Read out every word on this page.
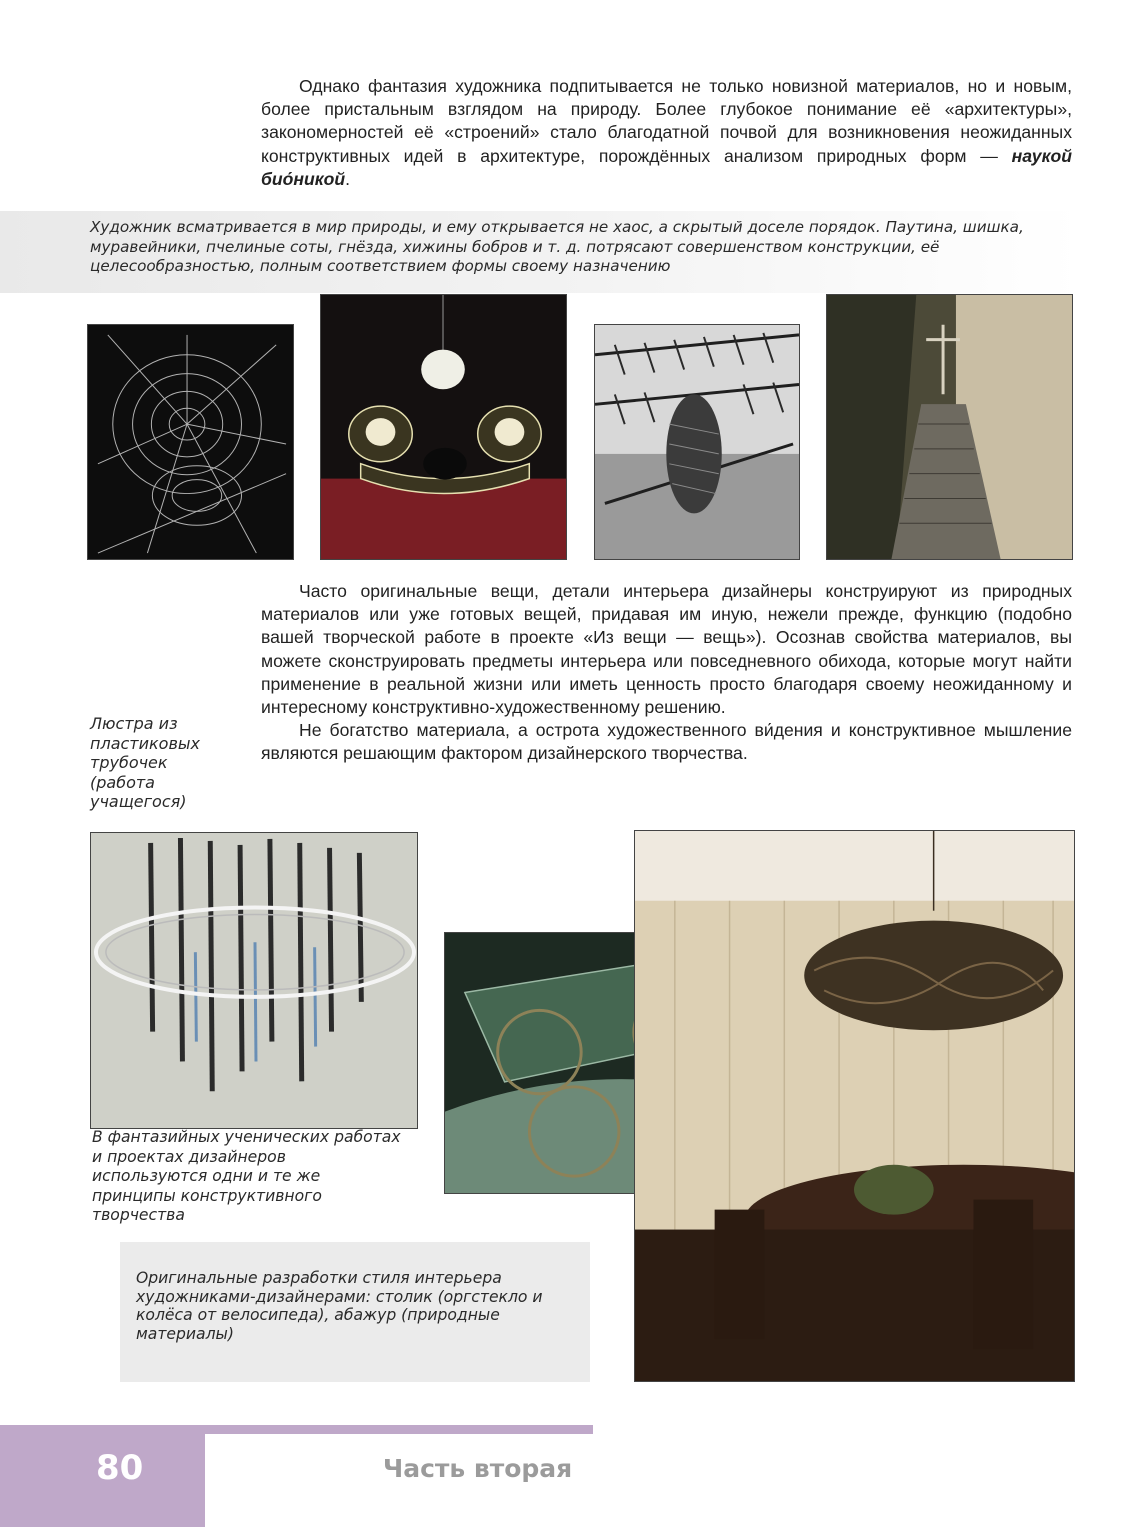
Однако фантазия художника подпитывается не только новизной материалов, но и новым, более пристальным взглядом на природу. Более глубокое понимание её «архитектуры», закономерностей её «строений» стало благодатной почвой для возникновения неожиданных конструктивных идей в архитектуре, порождённых анализом природных форм — наукой био́никой.

Художник всматривается в мир природы, и ему открывается не хаос, а скрытый доселе порядок. Паутина, шишка, муравейники, пчелиные соты, гнёзда, хижины бобров и т. д. потрясают совершенством конструкции, её целесообразностью, полным соответствием формы своему назначению

Часто оригинальные вещи, детали интерьера дизайнеры конструируют из природных материалов или уже готовых вещей, придавая им иную, нежели прежде, функцию (подобно вашей творческой работе в проекте «Из вещи — вещь»). Осознав свойства материалов, вы можете сконструировать предметы интерьера или повседневного обихода, которые могут найти применение в реальной жизни или иметь ценность просто благодаря своему неожиданному и интересному конструктивно-художественному решению.

Не богатство материала, а острота художественного ви́дения и конструктивное мышление являются решающим фактором дизайнерского творчества.

Люстра из пластиковых трубочек (работа учащегося)
В фантазийных ученических работах и проектах дизайнеров используются одни и те же принципы конструктивного творчества
Оригинальные разработки стиля интерьера художниками-дизайнерами: столик (оргстекло и колёса от велосипеда), абажур (природные материалы)
80	Часть вторая
